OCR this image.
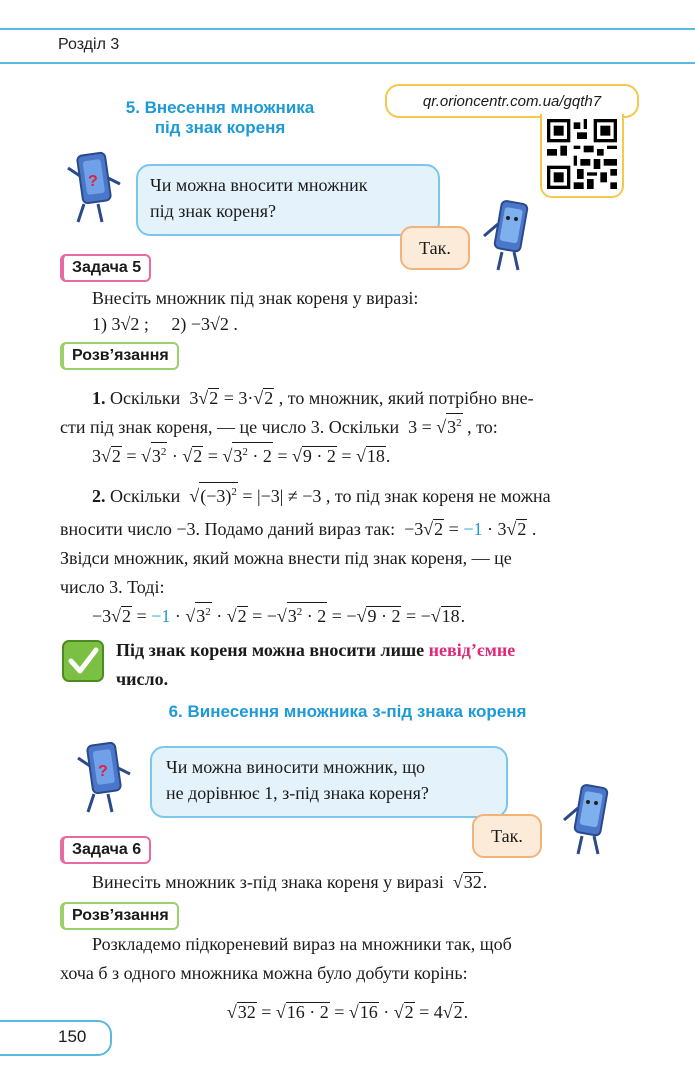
Розділ 3
qr.orioncentr.com.ua/gqth7
5. Внесення множника
під знак кореня
?	Чи можна вносити множник
під знак кореня?
Так.
Задача 5
Внесіть множник під знак кореня у виразі:
1) 3√2 ; 2) −3√2 .
Розв’язання
1. Оскільки  3√2 = 3·√2 , то множник, який потрібно вне-
сти під знак кореня, — це число 3. Оскільки  $3 = √3^2$ , то:
$3√2 = √3^2 \cdot √2 = √3^2 \cdot 2 = √9 \cdot 2 = √18$.
2. Оскільки  $√(-3)^2 = |-3| \ne -3$ , то під знак кореня не можна
вносити число −3. Подамо даний вираз так:  −3√2 = −1 · 3√2 .
Звідси множник, який можна внести під знак кореня, — це
число 3. Тоді:
$-3√2 = -1 \cdot √3^2 \cdot √2 = -√3^2 \cdot 2 = -√9 \cdot 2 = -√18$.
Під знак кореня можна вносити лише невід’ємне
число.
6. Винесення множника з-під знака кореня
?	Чи можна виносити множник, що
не дорівнює 1, з-під знака кореня?
Так.
Задача 6
Винесіть множник з-під знака кореня у виразі  √32.
Розв’язання
Розкладемо підкореневий вираз на множники так, щоб
хоча б з одного множника можна було добути корінь:
√32 = √16 · 2 = √16 · √2 = 4√2.
150
